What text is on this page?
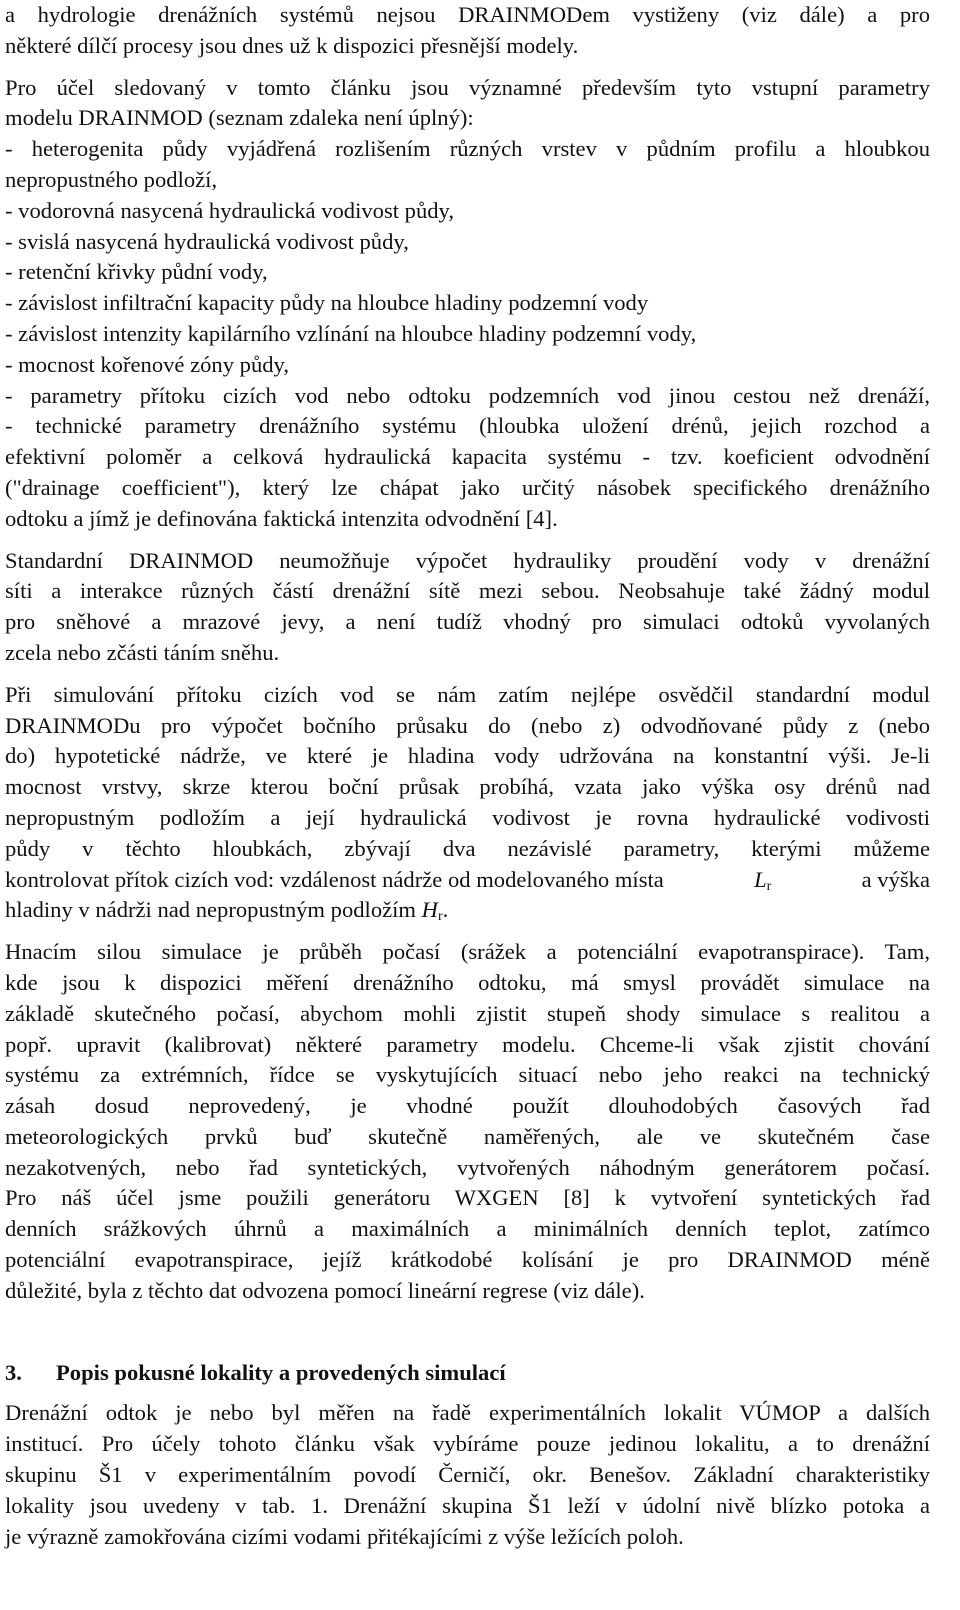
a hydrologie drenážních systémů nejsou DRAINMODem vystiženy (viz dále) a pro
některé dílčí procesy jsou dnes už k dispozici přesnější modely.
Pro účel sledovaný v tomto článku jsou významné především tyto vstupní parametry
modelu DRAINMOD (seznam zdaleka není úplný):
- heterogenita půdy vyjádřená rozlišením různých vrstev v půdním profilu a hloubkou
nepropustného podloží,
- vodorovná nasycená hydraulická vodivost půdy,
- svislá nasycená hydraulická vodivost půdy,
- retenční křivky půdní vody,
- závislost infiltrační kapacity půdy na hloubce hladiny podzemní vody
- závislost intenzity kapilárního vzlínání na hloubce hladiny podzemní vody,
- mocnost kořenové zóny půdy,
- parametry přítoku cizích vod nebo odtoku podzemních vod jinou cestou než drenáží,
- technické parametry drenážního systému (hloubka uložení drénů, jejich rozchod a
efektivní poloměr a celková hydraulická kapacita systému - tzv. koeficient odvodnění
("drainage coefficient"), který lze chápat jako určitý násobek specifického drenážního
odtoku a jímž je definována faktická intenzita odvodnění [4].
Standardní DRAINMOD neumožňuje výpočet hydrauliky proudění vody v drenážní
síti a interakce různých částí drenážní sítě mezi sebou. Neobsahuje také žádný modul
pro sněhové a mrazové jevy, a není tudíž vhodný pro simulaci odtoků vyvolaných
zcela nebo zčásti táním sněhu.
Při simulování přítoku cizích vod se nám zatím nejlépe osvědčil standardní modul
DRAINMODu pro výpočet bočního průsaku do (nebo z) odvodňované půdy z (nebo
do) hypotetické nádrže, ve které je hladina vody udržována na konstantní výši. Je-li
mocnost vrstvy, skrze kterou boční průsak probíhá, vzata jako výška osy drénů nad
nepropustným podložím a její hydraulická vodivost je rovna hydraulické vodivosti
půdy v těchto hloubkách, zbývají dva nezávislé parametry, kterými můžeme
kontrolovat přítok cizích vod: vzdálenost nádrže od modelovaného místa	$L_r$	a výška
hladiny v nádrži nad nepropustným podložím $H_r$.
Hnacím silou simulace je průběh počasí (srážek a potenciální evapotranspirace). Tam,
kde jsou k dispozici měření drenážního odtoku, má smysl provádět simulace na
základě skutečného počasí, abychom mohli zjistit stupeň shody simulace s realitou a
popř. upravit (kalibrovat) některé parametry modelu. Chceme-li však zjistit chování
systému za extrémních, řídce se vyskytujících situací nebo jeho reakci na technický
zásah dosud neprovedený, je vhodné použít dlouhodobých časových řad
meteorologických prvků buď skutečně naměřených, ale ve skutečném čase
nezakotvených, nebo řad syntetických, vytvořených náhodným generátorem počasí.
Pro náš účel jsme použili generátoru WXGEN [8] k vytvoření syntetických řad
denních srážkových úhrnů a maximálních a minimálních denních teplot, zatímco
potenciální evapotranspirace, jejíž krátkodobé kolísání je pro DRAINMOD méně
důležité, byla z těchto dat odvozena pomocí lineární regrese (viz dále).
3. Popis pokusné lokality a provedených simulací
Drenážní odtok je nebo byl měřen na řadě experimentálních lokalit VÚMOP a dalších
institucí. Pro účely tohoto článku však vybíráme pouze jedinou lokalitu, a to drenážní
skupinu Š1 v experimentálním povodí Černičí, okr. Benešov. Základní charakteristiky
lokality jsou uvedeny v tab. 1. Drenážní skupina Š1 leží v údolní nivě blízko potoka a
je výrazně zamokřována cizími vodami přitékajícími z výše ležících poloh.
